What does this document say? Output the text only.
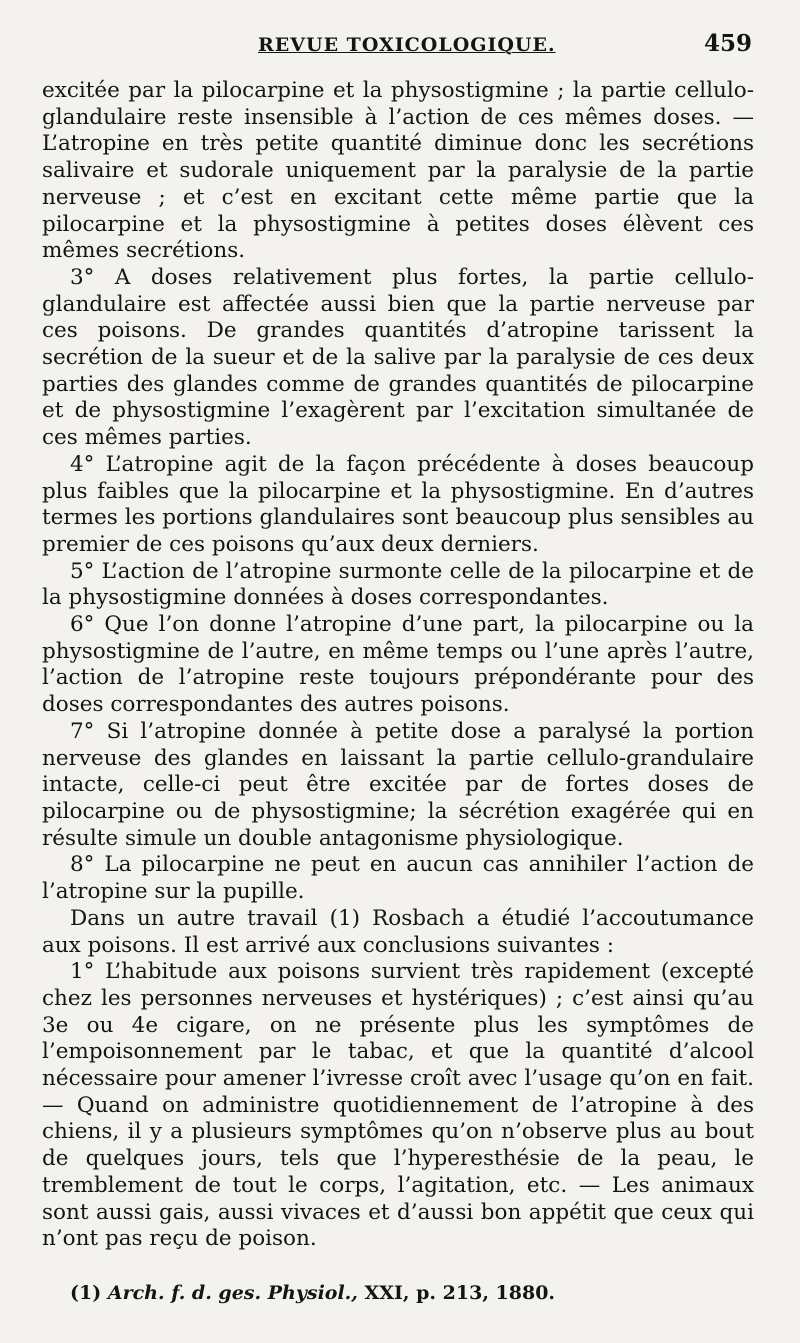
REVUE TOXICOLOGIQUE.	459

excitée par la pilocarpine et la physostigmine ; la partie cellulo-glandulaire reste insensible à l’action de ces mêmes doses. — L’atropine en très petite quantité diminue donc les secrétions salivaire et sudorale uniquement par la paralysie de la partie nerveuse ; et c’est en excitant cette même partie que la pilocarpine et la physostigmine à petites doses élèvent ces mêmes secrétions.

3° A doses relativement plus fortes, la partie cellulo-glandulaire est affectée aussi bien que la partie nerveuse par ces poisons. De grandes quantités d’atropine tarissent la secrétion de la sueur et de la salive par la paralysie de ces deux parties des glandes comme de grandes quantités de pilocarpine et de physostigmine l’exagèrent par l’excitation simultanée de ces mêmes parties.

4° L’atropine agit de la façon précédente à doses beaucoup plus faibles que la pilocarpine et la physostigmine. En d’autres termes les portions glandulaires sont beaucoup plus sensibles au premier de ces poisons qu’aux deux derniers.

5° L’action de l’atropine surmonte celle de la pilocarpine et de la physostigmine données à doses correspondantes.

6° Que l’on donne l’atropine d’une part, la pilocarpine ou la physostigmine de l’autre, en même temps ou l’une après l’autre, l’action de l’atropine reste toujours prépondérante pour des doses correspondantes des autres poisons.

7° Si l’atropine donnée à petite dose a paralysé la portion nerveuse des glandes en laissant la partie cellulo-grandulaire intacte, celle-ci peut être excitée par de fortes doses de pilocarpine ou de physostigmine; la sécrétion exagérée qui en résulte simule un double antagonisme physiologique.

8° La pilocarpine ne peut en aucun cas annihiler l’action de l’atropine sur la pupille.

Dans un autre travail (1) Rosbach a étudié l’accoutumance aux poisons. Il est arrivé aux conclusions suivantes :

1° L’habitude aux poisons survient très rapidement (excepté chez les personnes nerveuses et hystériques) ; c’est ainsi qu’au 3e ou 4e cigare, on ne présente plus les symptômes de l’empoisonnement par le tabac, et que la quantité d’alcool nécessaire pour amener l’ivresse croît avec l’usage qu’on en fait. — Quand on administre quotidiennement de l’atropine à des chiens, il y a plusieurs symptômes qu’on n’observe plus au bout de quelques jours, tels que l’hyperesthésie de la peau, le tremblement de tout le corps, l’agitation, etc. — Les animaux sont aussi gais, aussi vivaces et d’aussi bon appétit que ceux qui n’ont pas reçu de poison.

(1) Arch. f. d. ges. Physiol., XXI, p. 213, 1880.
